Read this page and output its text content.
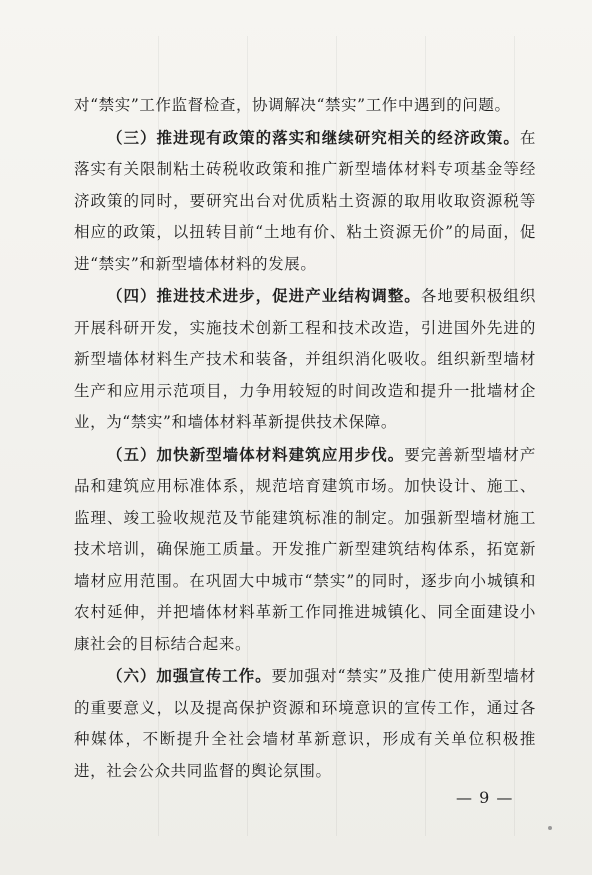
对“禁实”工作监督检查，协调解决“禁实”工作中遇到的问题。

（三）推进现有政策的落实和继续研究相关的经济政策。在落实有关限制粘土砖税收政策和推广新型墙体材料专项基金等经济政策的同时，要研究出台对优质粘土资源的取用收取资源税等相应的政策，以扭转目前“土地有价、粘土资源无价”的局面，促进“禁实”和新型墙体材料的发展。

（四）推进技术进步，促进产业结构调整。各地要积极组织开展科研开发，实施技术创新工程和技术改造，引进国外先进的新型墙体材料生产技术和装备，并组织消化吸收。组织新型墙材生产和应用示范项目，力争用较短的时间改造和提升一批墙材企业，为“禁实”和墙体材料革新提供技术保障。

（五）加快新型墙体材料建筑应用步伐。要完善新型墙材产品和建筑应用标准体系，规范培育建筑市场。加快设计、施工、监理、竣工验收规范及节能建筑标准的制定。加强新型墙材施工技术培训，确保施工质量。开发推广新型建筑结构体系，拓宽新墙材应用范围。在巩固大中城市“禁实”的同时，逐步向小城镇和农村延伸，并把墙体材料革新工作同推进城镇化、同全面建设小康社会的目标结合起来。

（六）加强宣传工作。要加强对“禁实”及推广使用新型墙材的重要意义，以及提高保护资源和环境意识的宣传工作，通过各种媒体，不断提升全社会墙材革新意识，形成有关单位积极推进，社会公众共同监督的舆论氛围。

— 9 —
